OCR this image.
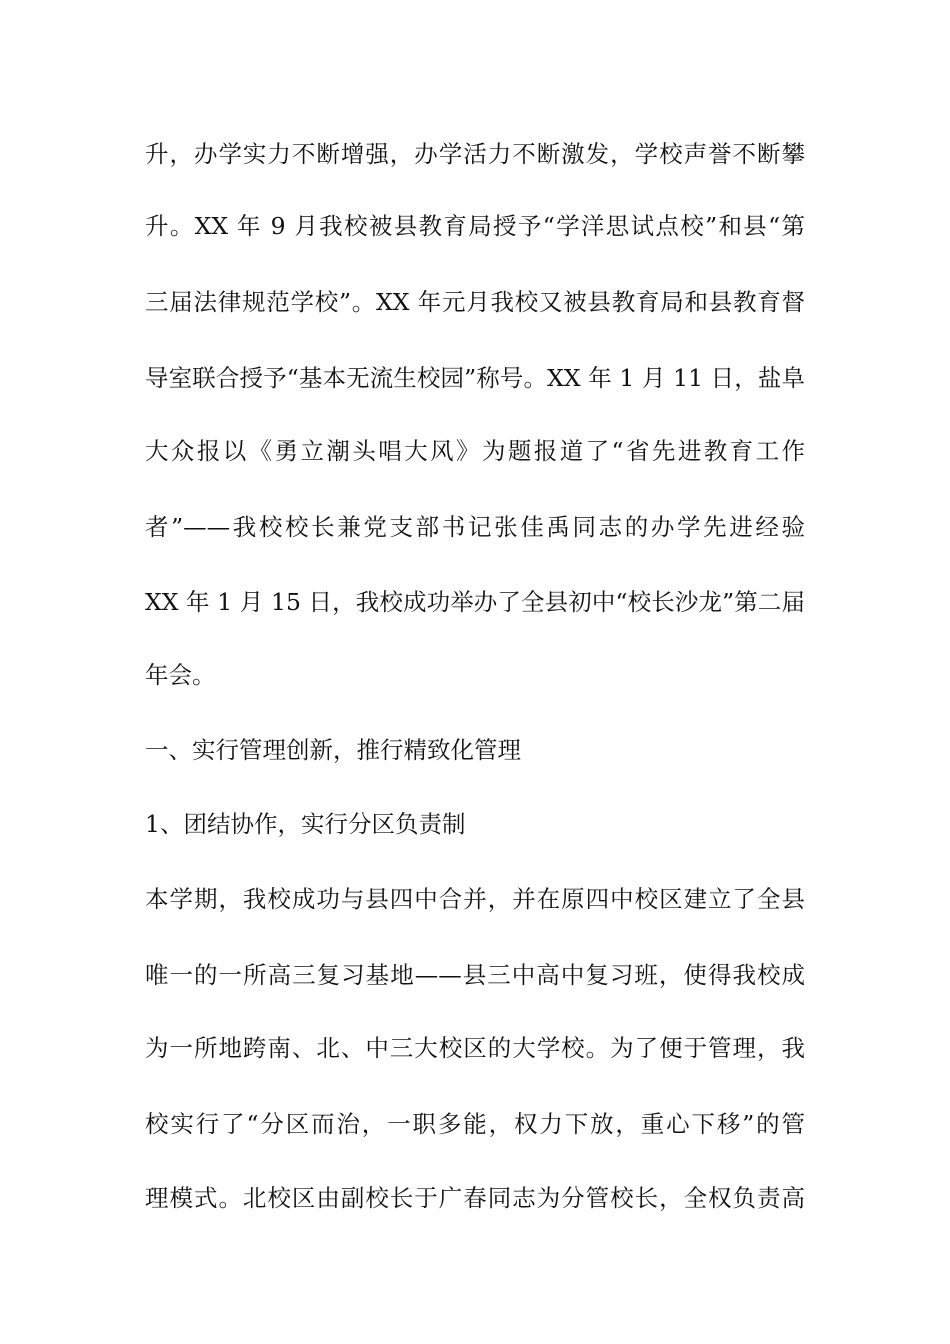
升，办学实力不断增强，办学活力不断激发，学校声誉不断攀
升。XX 年 9 月我校被县教育局授予“学洋思试点校”和县“第
三届法律规范学校”。XX 年元月我校又被县教育局和县教育督
导室联合授予“基本无流生校园”称号。XX 年 1 月 11 日，盐阜
大众报以《勇立潮头唱大风》为题报道了“省先进教育工作
者”——我校校长兼党支部书记张佳禹同志的办学先进经验
XX 年 1 月 15 日，我校成功举办了全县初中“校长沙龙”第二届
年会。
一、实行管理创新，推行精致化管理
1、团结协作，实行分区负责制
本学期，我校成功与县四中合并，并在原四中校区建立了全县
唯一的一所高三复习基地——县三中高中复习班，使得我校成
为一所地跨南、北、中三大校区的大学校。为了便于管理，我
校实行了“分区而治，一职多能，权力下放，重心下移”的管
理模式。北校区由副校长于广春同志为分管校长，全权负责高
